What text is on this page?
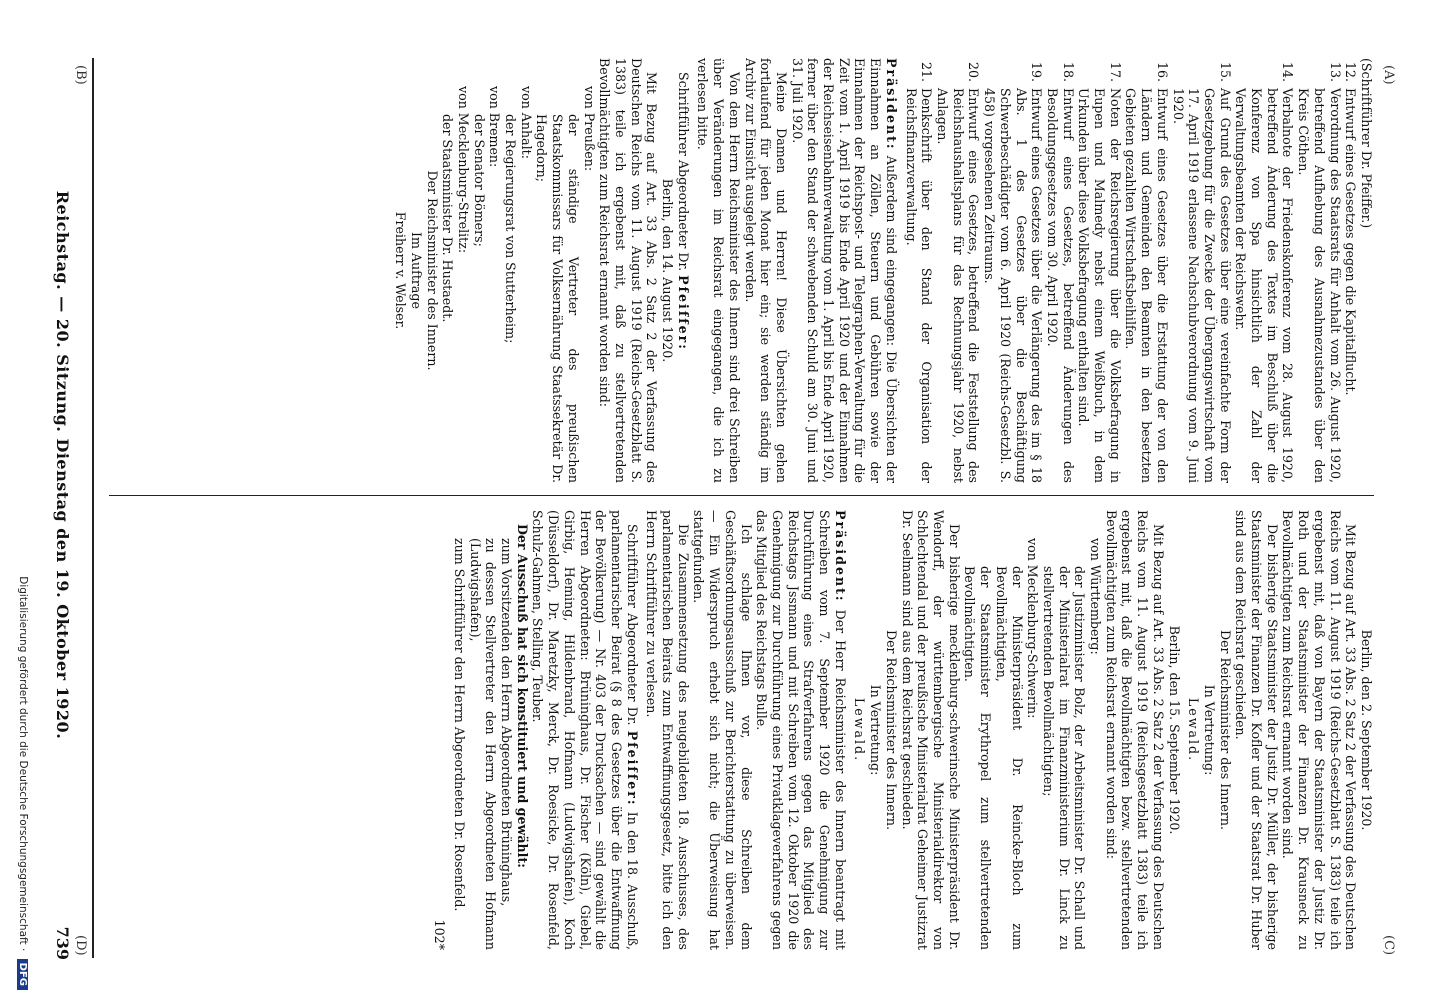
Reichstag. — 20. Sitzung. Dienstag den 19. Oktober 1920.
739
(A)
(B)
(C)
(D)

(Schriftführer Dr. Pfeiffer.)

12.
Entwurf eines Gesetzes gegen die Kapitalflucht.
13.
Verordnung des Staatsrats für Anhalt vom 26. August 1920, betreffend Aufhebung des Ausnahmezustandes über den Kreis Cöthen.
14.
Verbalnote der Friedenskonferenz vom 28. August 1920, betreffend Änderung des Textes im Beschluß über die Konferenz von Spa hinsichtlich der Zahl der Verwaltungsbeamten der Reichswehr.
15.
Auf Grund des Gesetzes über eine vereinfachte Form der Gesetzgebung für die Zwecke der Übergangswirtschaft vom 17. April 1919 erlassene Nachschubverordnung vom 9. Juni 1920.
16.
Entwurf eines Gesetzes über die Erstattung der von den Ländern und Gemeinden den Beamten in den besetzten Gebieten gezahlten Wirtschaftsbeihilfen.
17.
Noten der Reichsregierung über die Volksbefragung in Eupen und Malmedy nebst einem Weißbuch, in dem Urkunden über diese Volksbefragung enthalten sind.
18.
Entwurf eines Gesetzes, betreffend Änderungen des Besoldungsgesetzes vom 30. April 1920.
19.
Entwurf eines Gesetzes über die Verlängerung des im § 18 Abs. 1 des Gesetzes über die Beschäftigung Schwerbeschädigter vom 6. April 1920 (Reichs-Gesetzbl. S. 458) vorgesehenen Zeitraums.
20.
Entwurf eines Gesetzes, betreffend die Feststellung des Reichshaushaltsplans für das Rechnungsjahr 1920, nebst Anlagen.
21.
Denkschrift über den Stand der Organisation der Reichsfinanzverwaltung.

Präsident: Außerdem sind eingegangen: Die Übersichten der Einnahmen an Zöllen, Steuern und Gebühren sowie der Einnahmen der Reichspost- und Telegraphen-Verwaltung für die Zeit vom 1. April 1919 bis Ende April 1920 und der Einnahmen der Reichseisenbahnverwaltung vom 1. April bis Ende April 1920, ferner über den Stand der schwebenden Schuld am 30. Juni und 31. Juli 1920.

Meine Damen und Herren! Diese Übersichten gehen fortlaufend für jeden Monat hier ein; sie werden ständig im Archiv zur Einsicht ausgelegt werden.

Von dem Herrn Reichsminister des Innern sind drei Schreiben über Veränderungen im Reichsrat eingegangen, die ich zu verlesen bitte.

Schriftführer Abgeordneter Dr. Pfeiffer:

Berlin, den 14. August 1920.

Mit Bezug auf Art. 33 Abs. 2 Satz 2 der Verfassung des Deutschen Reichs vom 11. August 1919 (Reichs-Gesetzblatt S. 1383) teile ich ergebenst mit, daß zu stellvertretenden Bevollmächtigten zum Reichsrat ernannt worden sind:

von Preußen:

der ständige Vertreter des preußischen Staatskommissars für Volksernährung Staatssekretär Dr. Hagedorn;

von Anhalt:

der Regierungsrat von Stutterheim;

von Bremen:

der Senator Bömers;

von Mecklenburg-Strelitz:

der Staatsminister Dr. Hustaedt.

Der Reichsminister des Innern.

Im Auftrage

Freiherr v. Welser.

Berlin, den 2. September 1920.

Mit Bezug auf Art. 33 Abs. 2 Satz 2 der Verfassung des Deutschen Reichs vom 11. August 1919 (Reichs-Gesetzblatt S. 1383) teile ich ergebenst mit, daß von Bayern der Staatsminister der Justiz Dr. Roth und der Staatsminister der Finanzen Dr. Krausneck zu Bevollmächtigten zum Reichsrat ernannt worden sind.

Der bisherige Staatsminister der Justiz Dr. Müller, der bisherige Staatsminister der Finanzen Dr. Kofler und der Staatsrat Dr. Huber sind aus dem Reichsrat geschieden.

Der Reichsminister des Innern.

In Vertretung:

Lewald.

Berlin, den 15. September 1920.

Mit Bezug auf Art. 33 Abs. 2 Satz 2 der Verfassung des Deutschen Reichs vom 11. August 1919 (Reichsgesetzblatt 1383) teile ich ergebenst mit, daß die Bevollmächtigten bezw. stellvertretenden Bevollmächtigten zum Reichsrat ernannt worden sind:

von Württemberg:

der Justizminister Bolz, der Arbeitsminister Dr. Schall und der Ministerialrat im Finanzministerium Dr. Linck zu stellvertretenden Bevollmächtigten;

von Mecklenburg-Schwerin:

der Ministerpräsident Dr. Reincke-Bloch zum Bevollmächtigten,

der Staatsminister Erythropel zum stellvertretenden Bevollmächtigten.

Der bisherige mecklenburg-schwerinsche Ministerpräsident Dr. Wendorff, der württembergische Ministerialdirektor von Schlechtendal und der preußische Ministerialrat Geheimer Justizrat Dr. Seelmann sind aus dem Reichsrat geschieden.

Der Reichsminister des Innern.

In Vertretung:

Lewald.

Präsident: Der Herr Reichsminister des Innern beantragt mit Schreiben vom 7. September 1920 die Genehmigung zur Durchführung eines Strafverfahrens gegen das Mitglied des Reichstags Jssmann und mit Schreiben vom 12. Oktober 1920 die Genehmigung zur Durchführung eines Privatklageverfahrens gegen das Mitglied des Reichstags Bulle.

Ich schlage Ihnen vor, diese Schreiben dem Geschäftsordnungsausschuß zur Berichterstattung zu überweisen. — Ein Widerspruch erhebt sich nicht; die Überweisung hat stattgefunden.

Die Zusammensetzung des neugebildeten 18. Ausschusses, des parlamentarischen Beirats zum Entwaffnungsgesetz, bitte ich den Herrn Schriftführer zu verlesen.

Schriftführer Abgeordneter Dr. Pfeiffer: In den 18. Ausschuß, parlamentarischer Beirat (§ 8 des Gesetzes über die Entwaffnung der Bevölkerung) — Nr. 403 der Drucksachen — sind gewählt die Herren Abgeordneten: Brüninghaus, Dr. Fischer (Köln), Giebel, Girbig, Heming, Hildenbrand, Hofmann (Ludwigshafen), Koch (Düsseldorf), Dr. Maretzky, Merck, Dr. Roesicke, Dr. Rosenfeld, Schulz-Gahmen, Stelling, Teuber.

Der Ausschuß hat sich konstituiert und gewählt:

zum Vorsitzenden den Herrn Abgeordneten Brüninghaus,

zu dessen Stellvertreter den Herrn Abgeordneten Hofmann (Ludwigshafen),

zum Schriftführer den Herrn Abgeordneten Dr. Rosenfeld.

102*

Digitalisierung gefördert durch die Deutsche Forschungsgemeinschaft · DFG
